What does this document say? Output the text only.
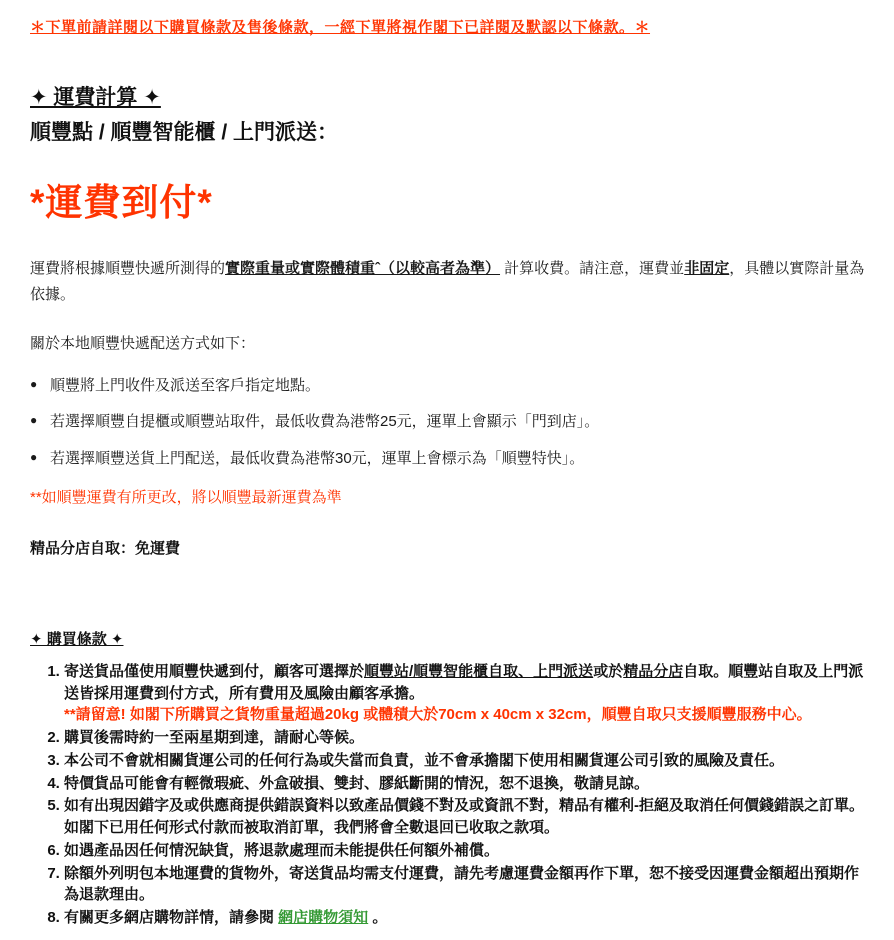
＊下單前請詳閱以下購買條款及售後條款，一經下單將視作閣下已詳閱及默認以下條款。＊

✦ 運費計算 ✦
順豐點 / 順豐智能櫃 / 上門派送：
*運費到付*

運費將根據順豐快遞所測得的實際重量或實際體積重ˆ（以較高者為準） 計算收費。請注意，運費並非固定，具體以實際計量為依據。

關於本地順豐快遞配送方式如下：

● 順豐將上門收件及派送至客戶指定地點。
● 若選擇順豐自提櫃或順豐站取件，最低收費為港幣25元，運單上會顯示「門到店」。
● 若選擇順豐送貨上門配送，最低收費為港幣30元，運單上會標示為「順豐特快」。

**如順豐運費有所更改，將以順豐最新運費為準

精品分店自取：免運費

✦ 購買條款 ✦
1. 寄送貨品僅使用順豐快遞到付，顧客可選擇於順豐站/順豐智能櫃自取、上門派送或於精品分店自取。順豐站自取及上門派送皆採用運費到付方式，所有費用及風險由顧客承擔。
**請留意! 如閣下所購買之貨物重量超過20kg 或體積大於70cm x 40cm x 32cm，順豐自取只支援順豐服務中心。
2. 購買後需時約一至兩星期到達，請耐心等候。
3. 本公司不會就相關貨運公司的任何行為或失當而負責，並不會承擔閣下使用相關貨運公司引致的風險及責任。
4. 特價貨品可能會有輕微瑕疵、外盒破損、雙封、膠紙斷開的情況，恕不退換，敬請見諒。
5. 如有出現因錯字及或供應商提供錯誤資料以致產品價錢不對及或資訊不對，精品有權利-拒絕及取消任何價錢錯誤之訂單。如閣下已用任何形式付款而被取消訂單，我們將會全數退回已收取之款項。
6. 如遇產品因任何情況缺貨，將退款處理而未能提供任何額外補償。
7. 除額外列明包本地運費的貨物外，寄送貨品均需支付運費，請先考慮運費金額再作下單，恕不接受因運費金額超出預期作為退款理由。
8. 有關更多網店購物詳情，請參閱 網店購物須知 。
